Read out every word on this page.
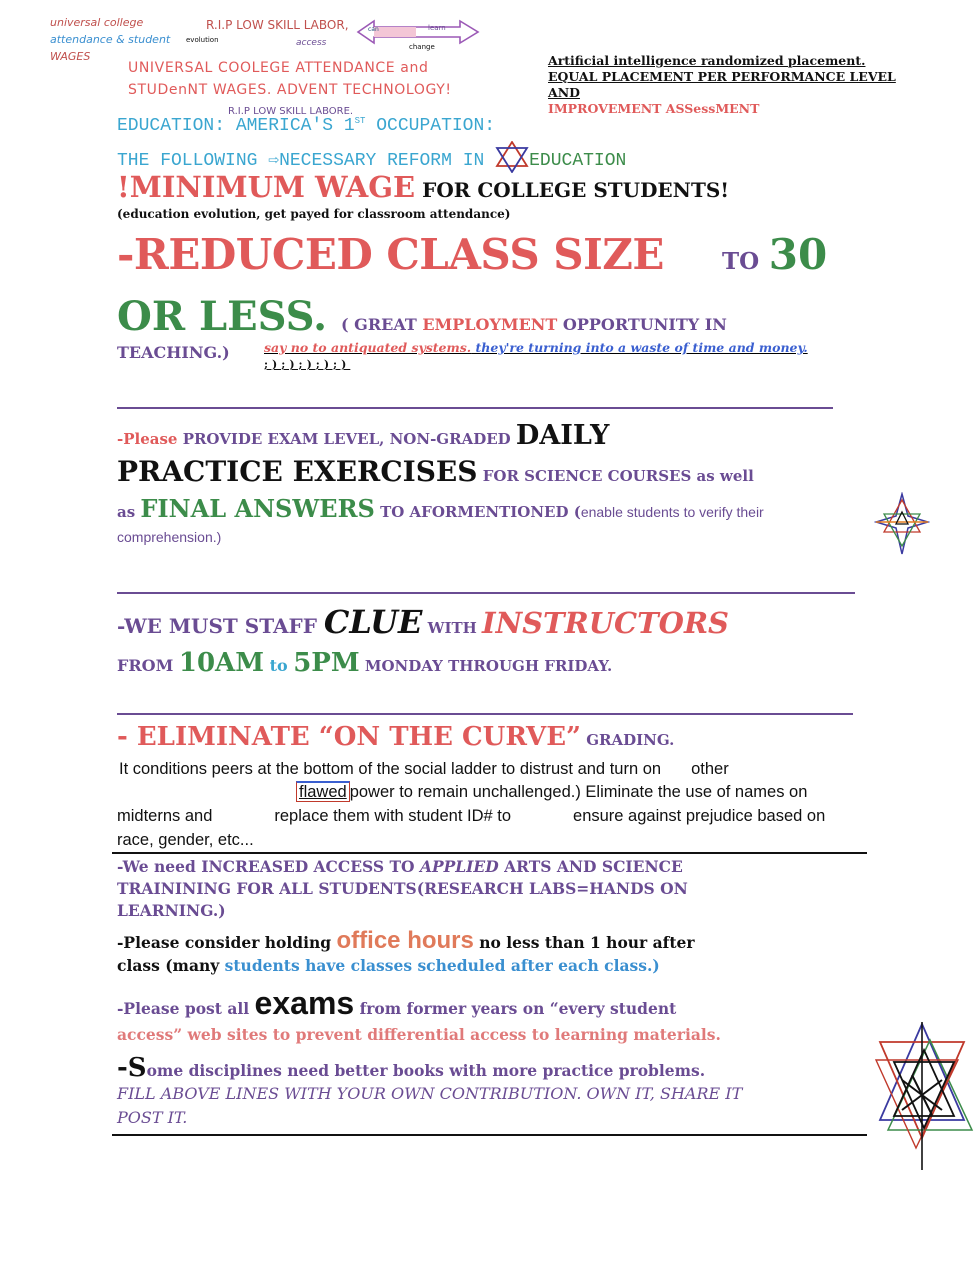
universal college
attendance & student
WAGES
R.I.P LOW SKILL LABOR,
evolution	access	change
can	learn
UNIVERSAL COOLEGE ATTENDANCE and
STUDenNT WAGES. ADVENT TECHNOLOGY!
R.I.P LOW SKILL LABORE.
Artificial intelligence randomized placement.
EQUAL PLACEMENT PER PERFORMANCE LEVEL
AND
IMPROVEMENT ASSessMENT
EDUCATION: AMERICA'S 1ST OCCUPATION:
THE FOLLOWING ⇨NECESSARY REFORM IN EDUCATION
!MINIMUM WAGE FOR COLLEGE STUDENTS!
(education evolution, get payed for classroom attendance)
-REDUCED CLASS SIZE	TO 30
OR LESS. ( GREAT EMPLOYMENT OPPORTUNITY IN
TEACHING.)	say no to antiquated systems. they're turning into a waste of time and money.
;););););)
-Please PROVIDE EXAM LEVEL, NON-GRADED DAILY
PRACTICE EXERCISES FOR SCIENCE COURSES as well
as FINAL ANSWERS TO AFORMENTIONED (enable students to verify their
comprehension.)
-WE MUST STAFF CLUE WITH INSTRUCTORS
FROM 10AM to 5PM MONDAY THROUGH FRIDAY.
- ELIMINATE “ON THE CURVE” GRADING.
It conditions peers at the bottom of the social ladder to distrust and turn on other
flawed power to remain unchallenged.) Eliminate the use of names on
midterns and	replace them with student ID# to	ensure against prejudice based on
race, gender, etc...
-We need INCREASED ACCESS TO APPLIED ARTS AND SCIENCE
TRAININING FOR ALL STUDENTS(RESEARCH LABS=HANDS ON
LEARNING.)
-Please consider holding office hours no less than 1 hour after
class (many students have classes scheduled after each class.)
-Please post all exams from former years on “every student
access” web sites to prevent differential access to learning materials.
-Some disciplines need better books with more practice problems.
FILL ABOVE LINES WITH YOUR OWN CONTRIBUTION. OWN IT, SHARE IT
POST IT.
